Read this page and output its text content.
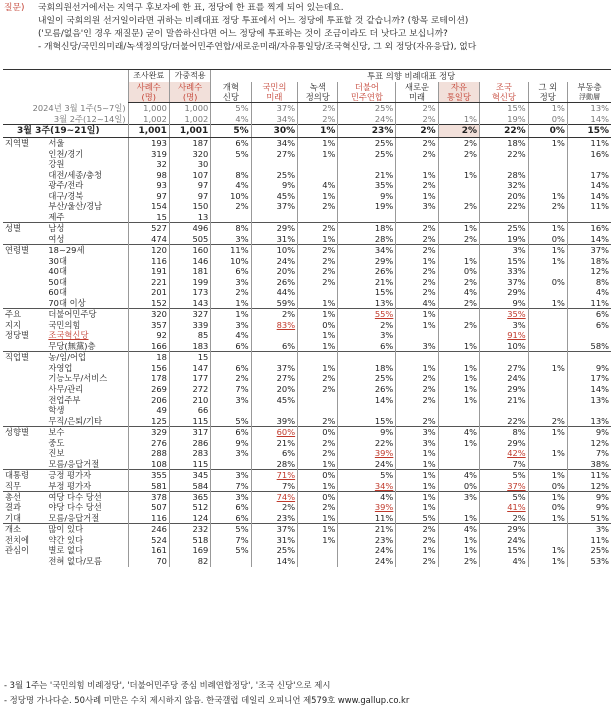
질문) 국회의원선거에서는 지역구 후보자에 한 표, 정당에 한 표를 찍게 되어 있는데요.
내일이 국회의원 선거일이라면 귀하는 비례대표 정당 투표에서 어느 정당에 투표할 것 같습니까? (항목 로테이션)
('모름/없음'인 경우 재질문) 굳이 말씀하신다면 어느 정당에 투표하는 것이 조금이라도 더 낫다고 보십니까?
- 개혁신당/국민의미래/녹색정의당/더불어민주연합/새로운미래/자유통일당/조국혁신당, 그 외 정당(자유응답), 없다
		조사완료	가중적용	투표 의향 비례대표 정당								
		사례수	사례수	개혁	국민의	녹색	더불어	새로운	자유	조국	그 외	부동층
		(명)	(명)	신당	미래	정의당	민주연합	미래	통일당	혁신당	정당	浮動層
2024년 3월 1주(5~7일)		1,000	1,000	5%	37%	2%	25%	2%		15%	1%	13%
3월 2주(12~14일)		1,002	1,002	4%	34%	2%	24%	2%	1%	19%	0%	14%
3월 3주(19~21일)		1,001	1,001	5%	30%	1%	23%	2%	2%	22%	0%	15%
지역별	서울	193	187	6%	34%	1%	25%	2%	2%	18%	1%	11%
	인천/경기	319	320	5%	27%	1%	25%	2%	2%	22%		16%
	강원	32	30									
	대전/세종/충청	98	107	8%	25%		21%	1%	1%	28%		17%
	광주/전라	93	97	4%	9%	4%	35%	2%		32%		14%
	대구/경북	97	97	10%	45%	1%	9%	1%		20%	1%	14%
	부산/울산/경남	154	150	2%	37%	2%	19%	3%	2%	22%	2%	11%
	제주	15	13									
성별	남성	527	496	8%	29%	2%	18%	2%	1%	25%	1%	16%
	여성	474	505	3%	31%	1%	28%	2%	2%	19%	0%	14%
연령별	18~29세	120	160	11%	10%	2%	34%	2%		3%	1%	37%
	30대	116	146	10%	24%	2%	29%	1%	1%	15%	1%	18%
	40대	191	181	6%	20%	2%	26%	2%	0%	33%		12%
	50대	221	199	3%	26%	2%	21%	2%	2%	37%	0%	8%
	60대	201	173	2%	44%		15%	2%	4%	29%		4%
	70대 이상	152	143	1%	59%	1%	13%	4%	2%	9%	1%	11%
주요	더불어민주당	320	327	1%	2%	1%	55%	1%		35%		6%
지지	국민의힘	357	339	3%	83%	0%	2%	1%	2%	3%		6%
정당별	조국혁신당	92	85	4%		1%	3%			91%		
	무당(無黨)층	166	183	6%	6%	1%	6%	3%	1%	10%		58%
직업별	농/임/어업	18	15									
	자영업	156	147	6%	37%	1%	18%	1%	1%	27%	1%	9%
	기능노무/서비스	178	177	2%	27%	2%	25%	2%	1%	24%		17%
	사무/관리	269	272	7%	20%	2%	26%	2%	1%	29%		14%
	전업주부	206	210	3%	45%		14%	2%	1%	21%		13%
	학생	49	66									
	무직/은퇴/기타	125	115	5%	39%	2%	15%	2%		22%	2%	13%
성향별	보수	329	317	6%	60%	0%	9%	3%	4%	8%	1%	9%
	중도	276	286	9%	21%	2%	22%	3%	1%	29%		12%
	진보	288	283	3%	6%	2%	39%	1%		42%	1%	7%
	모름/응답거절	108	115		28%	1%	24%	1%		7%		38%
대통령	긍정 평가자	355	345	3%	71%	0%	5%	1%	4%	5%	1%	11%
직무	부정 평가자	581	584	7%	7%	1%	34%	1%	0%	37%	0%	12%
총선	여당 다수 당선	378	365	3%	74%	0%	4%	1%	3%	5%	1%	9%
결과	야당 다수 당선	507	512	6%	2%	2%	39%	1%		41%	0%	9%
기대	모름/응답거절	116	124	6%	23%	1%	11%	5%	1%	2%	1%	51%
개소	많이 있다	246	232	5%	37%	1%	21%	2%	4%	29%		3%
전치에	약간 있다	524	518	7%	31%	1%	23%	2%	1%	24%		11%
관심이	별로 없다	161	169	5%	25%		24%	1%	1%	15%	1%	25%
	전혀 없다/모름	70	82		14%		24%	2%	2%	4%	1%	53%
- 3월 1주는 '국민의힘 비례정당', '더불어민주당 중심 비례연합정당', '조국 신당'으로 제시
- 정당명 가나다순. 50사례 미만은 수치 제시하지 않음. 한국갤럽 데일리 오피니언 제579호 www.gallup.co.kr
